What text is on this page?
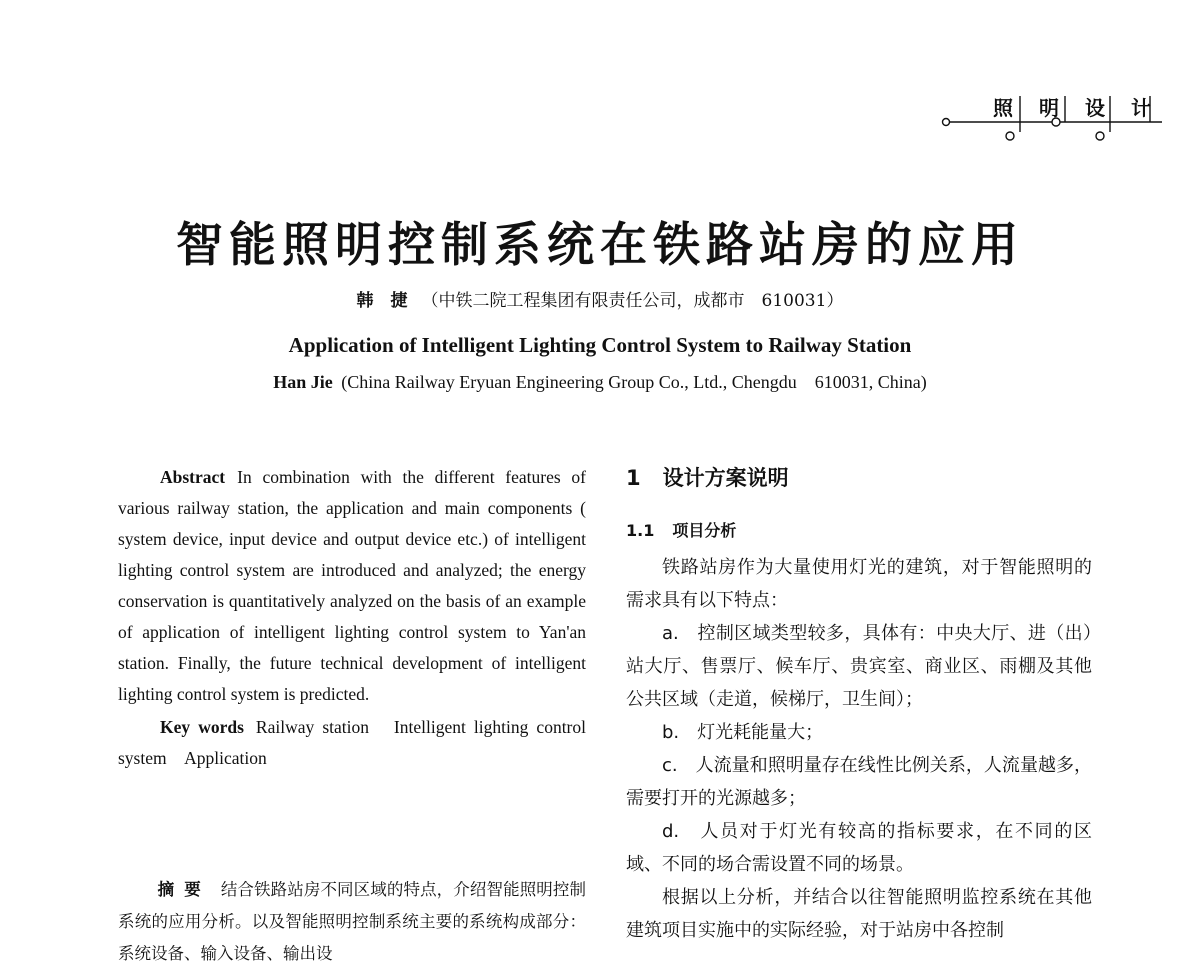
照	明	设	计
智能照明控制系统在铁路站房的应用
韩　捷 （中铁二院工程集团有限责任公司，成都市　610031）
Application of Intelligent Lighting Control System to Railway Station
Han Jie (China Railway Eryuan Engineering Group Co., Ltd., Chengdu　610031, China)

Abstract In combination with the different features of various railway station, the application and main components ( system device, input device and output device etc.) of intelligent lighting control system are introduced and analyzed; the energy conservation is quantitatively analyzed on the basis of an example of application of intelligent lighting control system to Yan'an station. Finally, the future technical development of intelligent lighting control system is predicted.

Key words Railway station　Intelligent lighting control system　Application

摘要 结合铁路站房不同区域的特点，介绍智能照明控制系统的应用分析。以及智能照明控制系统主要的系统构成部分：系统设备、输入设备、输出设
1 设计方案说明
1.1 项目分析

铁路站房作为大量使用灯光的建筑，对于智能照明的需求具有以下特点：

a.　控制区域类型较多，具体有：中央大厅、进（出）站大厅、售票厅、候车厅、贵宾室、商业区、雨棚及其他公共区域（走道，候梯厅，卫生间）；

b.　灯光耗能量大；

c.　人流量和照明量存在线性比例关系，人流量越多，需要打开的光源越多；

d.　人员对于灯光有较高的指标要求，在不同的区域、不同的场合需设置不同的场景。

根据以上分析，并结合以往智能照明监控系统在其他建筑项目实施中的实际经验，对于站房中各控制
